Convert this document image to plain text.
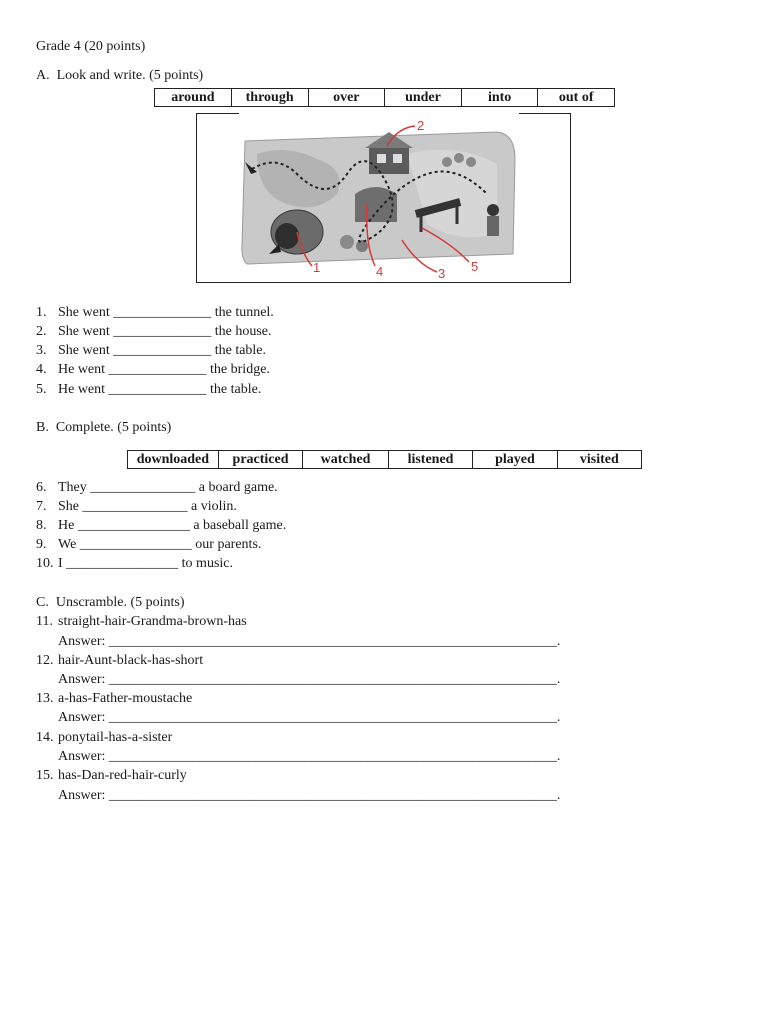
Grade 4 (20 points)
A.  Look and write. (5 points)
around	through	over	under	into	out of
2
1	4	3 5
1. She went ______________ the tunnel.
2. She went ______________ the house.
3. She went ______________ the table.
4. He went ______________ the bridge.
5. He went ______________ the table.
B.  Complete. (5 points)
downloaded	practiced	watched	listened	played	visited
6. They _______________ a board game.
7. She _______________ a violin.
8. He ________________ a baseball game.
9. We ________________ our parents.
10. I ________________ to music.
C.  Unscramble. (5 points)
11. straight-hair-Grandma-brown-has
Answer: ________________________________________________________________.
12. hair-Aunt-black-has-short
Answer: ________________________________________________________________.
13. a-has-Father-moustache
Answer: ________________________________________________________________.
14. ponytail-has-a-sister
Answer: ________________________________________________________________.
15. has-Dan-red-hair-curly
Answer: ________________________________________________________________.
